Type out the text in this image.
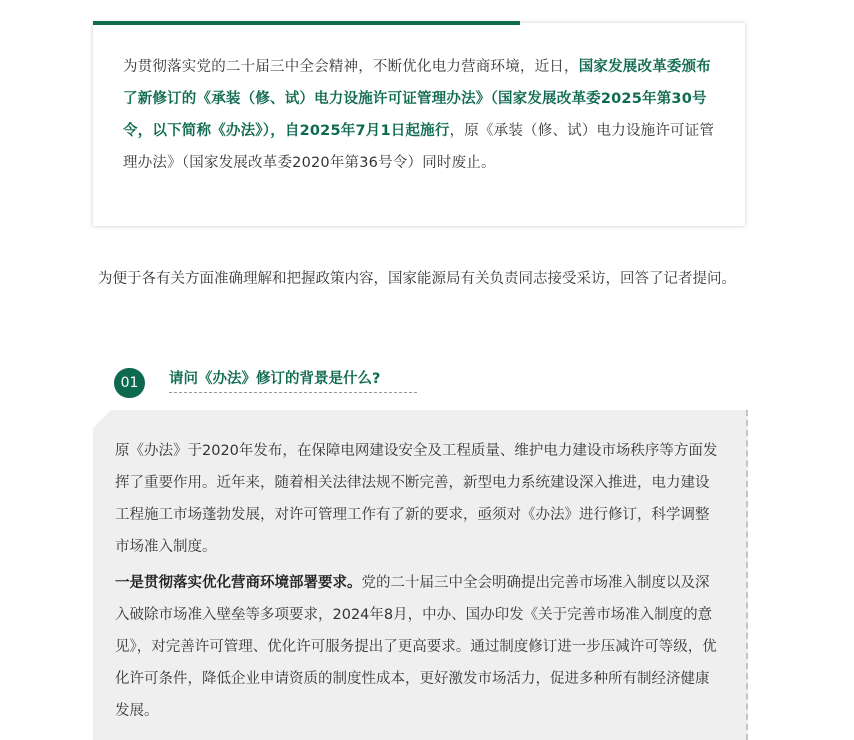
为贯彻落实党的二十届三中全会精神，不断优化电力营商环境，近日，国家发展改革委颁布了新修订的《承装（修、试）电力设施许可证管理办法》（国家发展改革委2025年第30号令，以下简称《办法》），自2025年7月1日起施行，原《承装（修、试）电力设施许可证管理办法》（国家发展改革委2020年第36号令）同时废止。

为便于各有关方面准确理解和把握政策内容，国家能源局有关负责同志接受采访，回答了记者提问。

01	请问《办法》修订的背景是什么?

原《办法》于2020年发布，在保障电网建设安全及工程质量、维护电力建设市场秩序等方面发挥了重要作用。近年来，随着相关法律法规不断完善，新型电力系统建设深入推进，电力建设工程施工市场蓬勃发展，对许可管理工作有了新的要求，亟须对《办法》进行修订，科学调整市场准入制度。

一是贯彻落实优化营商环境部署要求。党的二十届三中全会明确提出完善市场准入制度以及深入破除市场准入壁垒等多项要求，2024年8月，中办、国办印发《关于完善市场准入制度的意见》，对完善许可管理、优化许可服务提出了更高要求。通过制度修订进一步压减许可等级，优化许可条件，降低企业申请资质的制度性成本，更好激发市场活力，促进多种所有制经济健康发展。
